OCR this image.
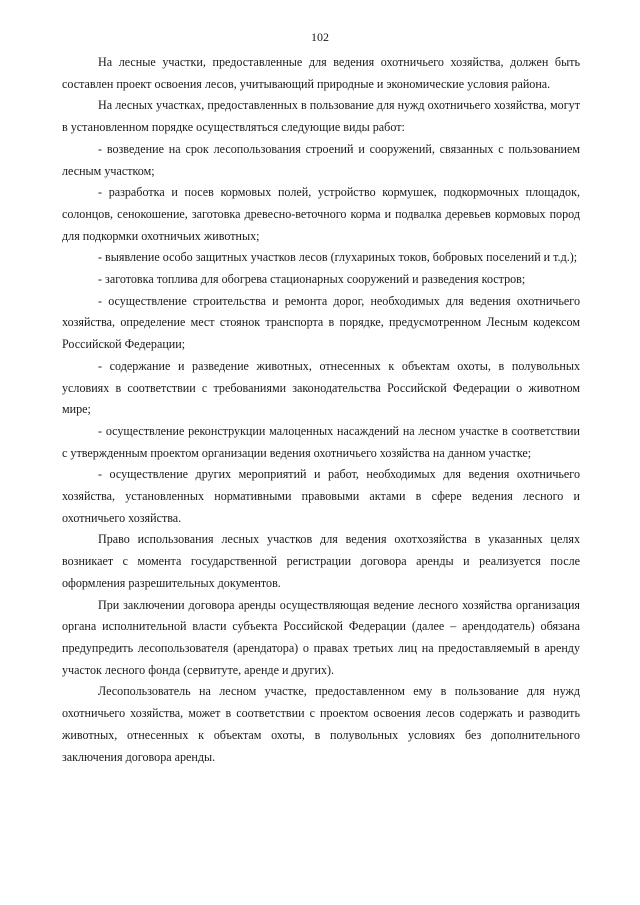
102

На лесные участки, предоставленные для ведения охотничьего хозяйства, должен быть составлен проект освоения лесов, учитывающий природные и экономические условия района.

На лесных участках, предоставленных в пользование для нужд охотничьего хозяйства, могут в установленном порядке осуществляться следующие виды работ:

- возведение на срок лесопользования строений и сооружений, связанных с пользованием лесным участком;

- разработка и посев кормовых полей, устройство кормушек, подкормочных площадок, солонцов, сенокошение, заготовка древесно-веточного корма и подвалка деревьев кормовых пород для подкормки охотничьих животных;

- выявление особо защитных участков лесов (глухариных токов, бобровых поселений и т.д.);

- заготовка топлива для обогрева стационарных сооружений и разведения костров;

- осуществление строительства и ремонта дорог, необходимых для ведения охотничьего хозяйства, определение мест стоянок транспорта в порядке, предусмотренном Лесным кодексом Российской Федерации;

- содержание и разведение животных, отнесенных к объектам охоты, в полувольных условиях в соответствии с требованиями законодательства Российской Федерации о животном мире;

- осуществление реконструкции малоценных насаждений на лесном участке в соответствии с утвержденным проектом организации ведения охотничьего хозяйства на данном участке;

- осуществление других мероприятий и работ, необходимых для ведения охотничьего хозяйства, установленных нормативными правовыми актами в сфере ведения лесного и охотничьего хозяйства.

Право использования лесных участков для ведения охотхозяйства в указанных целях возникает с момента государственной регистрации договора аренды и реализуется после оформления разрешительных документов.

При заключении договора аренды осуществляющая ведение лесного хозяйства организация органа исполнительной власти субъекта Российской Федерации (далее – арендодатель) обязана предупредить лесопользователя (арендатора) о правах третьих лиц на предоставляемый в аренду участок лесного фонда (сервитуте, аренде и других).

Лесопользователь на лесном участке, предоставленном ему в пользование для нужд охотничьего хозяйства, может в соответствии с проектом освоения лесов содержать и разводить животных, отнесенных к объектам охоты, в полувольных условиях без дополнительного заключения договора аренды.
